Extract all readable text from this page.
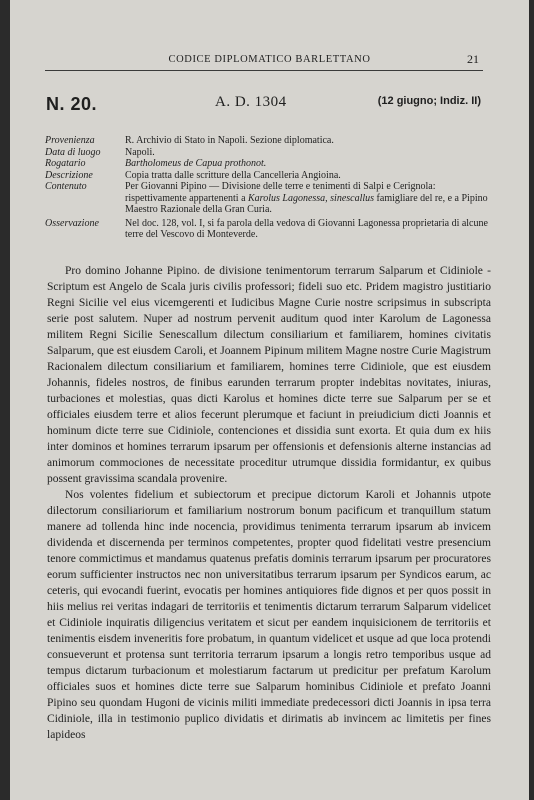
CODICE DIPLOMATICO BARLETTANO	21
N. 20.	A. D. 1304	(12 giugno; Indiz. II)
Provenienza	R. Archivio di Stato in Napoli. Sezione diplomatica.
Data di luogo	Napoli.
Rogatario	Bartholomeus de Capua prothonot.
Descrizione	Copia tratta dalle scritture della Cancelleria Angioina.
Contenuto	Per Giovanni Pipino — Divisione delle terre e tenimenti di Salpi e Cerignola: rispettivamente appartenenti a Karolus Lagonessa, sinescallus famigliare del re, e a Pipino Maestro Razionale della Gran Curia.
Osservazione	Nel doc. 128, vol. I, si fa parola della vedova di Giovanni Lagonessa proprietaria di alcune terre del Vescovo di Monteverde.

Pro domino Johanne Pipino. de divisione tenimentorum terrarum Salparum et Cidiniole - Scriptum est Angelo de Scala juris civilis professori; fideli suo etc. Pridem magistro justitiario Regni Sicilie vel eius vicemgerenti et Iudicibus Magne Curie nostre scripsimus in subscripta serie post salutem. Nuper ad nostrum pervenit auditum quod inter Karolum de Lagonessa militem Regni Sicilie Senescallum dilectum consiliarium et familiarem, homines civitatis Salparum, que est eiusdem Caroli, et Joannem Pipinum militem Magne nostre Curie Magistrum Racionalem dilectum consiliarium et familiarem, homines terre Cidiniole, que est eiusdem Johannis, fideles nostros, de finibus earunden terrarum propter indebitas novitates, iniuras, turbaciones et molestias, quas dicti Karolus et homines dicte terre sue Salparum per se et officiales eiusdem terre et alios fecerunt plerumque et faciunt in preiudicium dicti Joannis et hominum dicte terre sue Cidiniole, contenciones et dissidia sunt exorta. Et quia dum ex hiis inter dominos et homines terrarum ipsarum per offensionis et defensionis alterne instancias ad animorum commociones de necessitate proceditur utrumque dissidia formidantur, ex quibus possent gravissima scandala provenire.

Nos volentes fidelium et subiectorum et precipue dictorum Karoli et Johannis utpote dilectorum consiliariorum et familiarium nostrorum bonum pacificum et tranquillum statum manere ad tollenda hinc inde nocencia, providimus tenimenta terrarum ipsarum ab invicem dividenda et discernenda per terminos competentes, propter quod fidelitati vestre presencium tenore commictimus et mandamus quatenus prefatis dominis terrarum ipsarum per procuratores eorum sufficienter instructos nec non universitatibus terrarum ipsarum per Syndicos earum, ac ceteris, qui evocandi fuerint, evocatis per homines antiquiores fide dignos et per quos possit in hiis melius rei veritas indagari de territoriis et tenimentis dictarum terrarum Salparum videlicet et Cidiniole inquiratis diligencius veritatem et sicut per eandem inquisicionem de territoriis et tenimentis eisdem inveneritis fore probatum, in quantum videlicet et usque ad que loca protendi consueverunt et protensa sunt territoria terrarum ipsarum a longis retro temporibus usque ad tempus dictarum turbacionum et molestiarum factarum ut predicitur per prefatum Karolum officiales suos et homines dicte terre sue Salparum hominibus Cidiniole et prefato Joanni Pipino seu quondam Hugoni de vicinis militi immediate predecessori dicti Joannis in ipsa terra Cidiniole, illa in testimonio puplico dividatis et dirimatis ab invincem ac limitetis per fines lapideos
